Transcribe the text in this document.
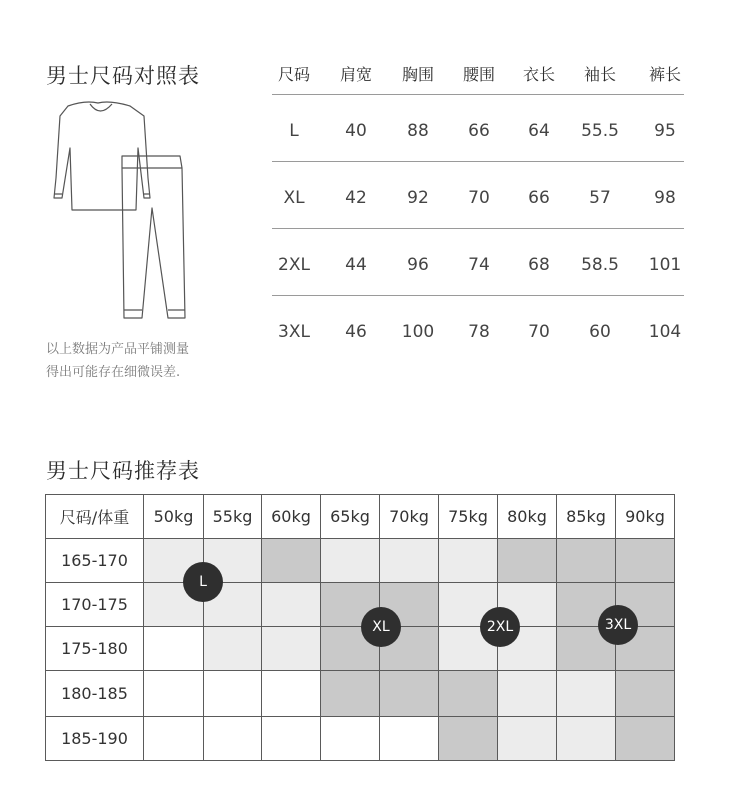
男士尺码对照表
以上数据为产品平铺测量
得出可能存在细微误差.
尺码 肩宽 胸围 腰围 衣长 袖长 裤长
L	40 88 66 64 55.5 95
XL 42 92 70 66 57	98
2XL 44 96 74 68 58.5 101
3XL 46 100 78 70 60 104
男士尺码推荐表
尺码/体重	50kg	55kg	60kg	65kg	70kg	75kg	80kg	85kg	90kg
165-170									
170-175									
175-180									
180-185									
185-190									
L
XL	2XL	3XL
